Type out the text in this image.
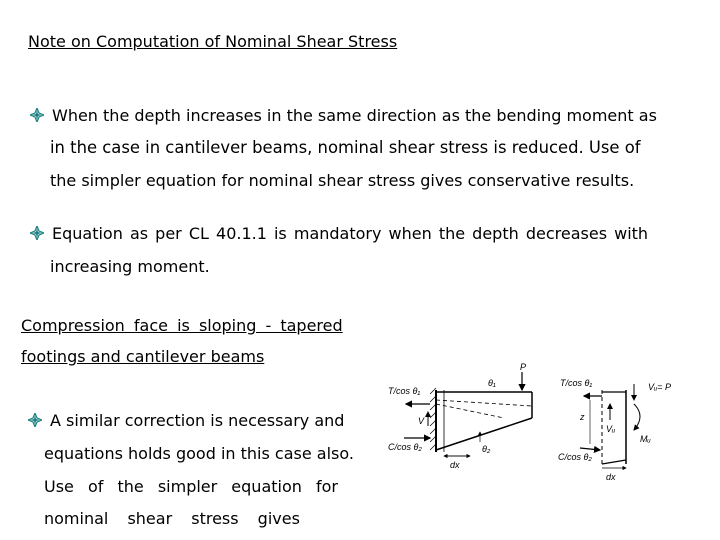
Note on Computation of Nominal Shear Stress
When the depth increases in the same direction as the bending moment as
in the case in cantilever beams, nominal shear stress is reduced. Use of
the simpler equation for nominal shear stress gives conservative results.
Equation as per CL 40.1.1 is mandatory when the depth decreases with
increasing moment.
Compression face is sloping - tapered
footings and cantilever beams
A similar correction is necessary and
equations holds good in this case also.
Use of the simpler equation for
nominal shear stress gives
dx
P
θ₁
θ₂
T/cos θ₁
C/cos θ₂
V
T/cos θ₁
C/cos θ₂
z
Vᵤ
Vᵤ= P
Mᵤ
dx
